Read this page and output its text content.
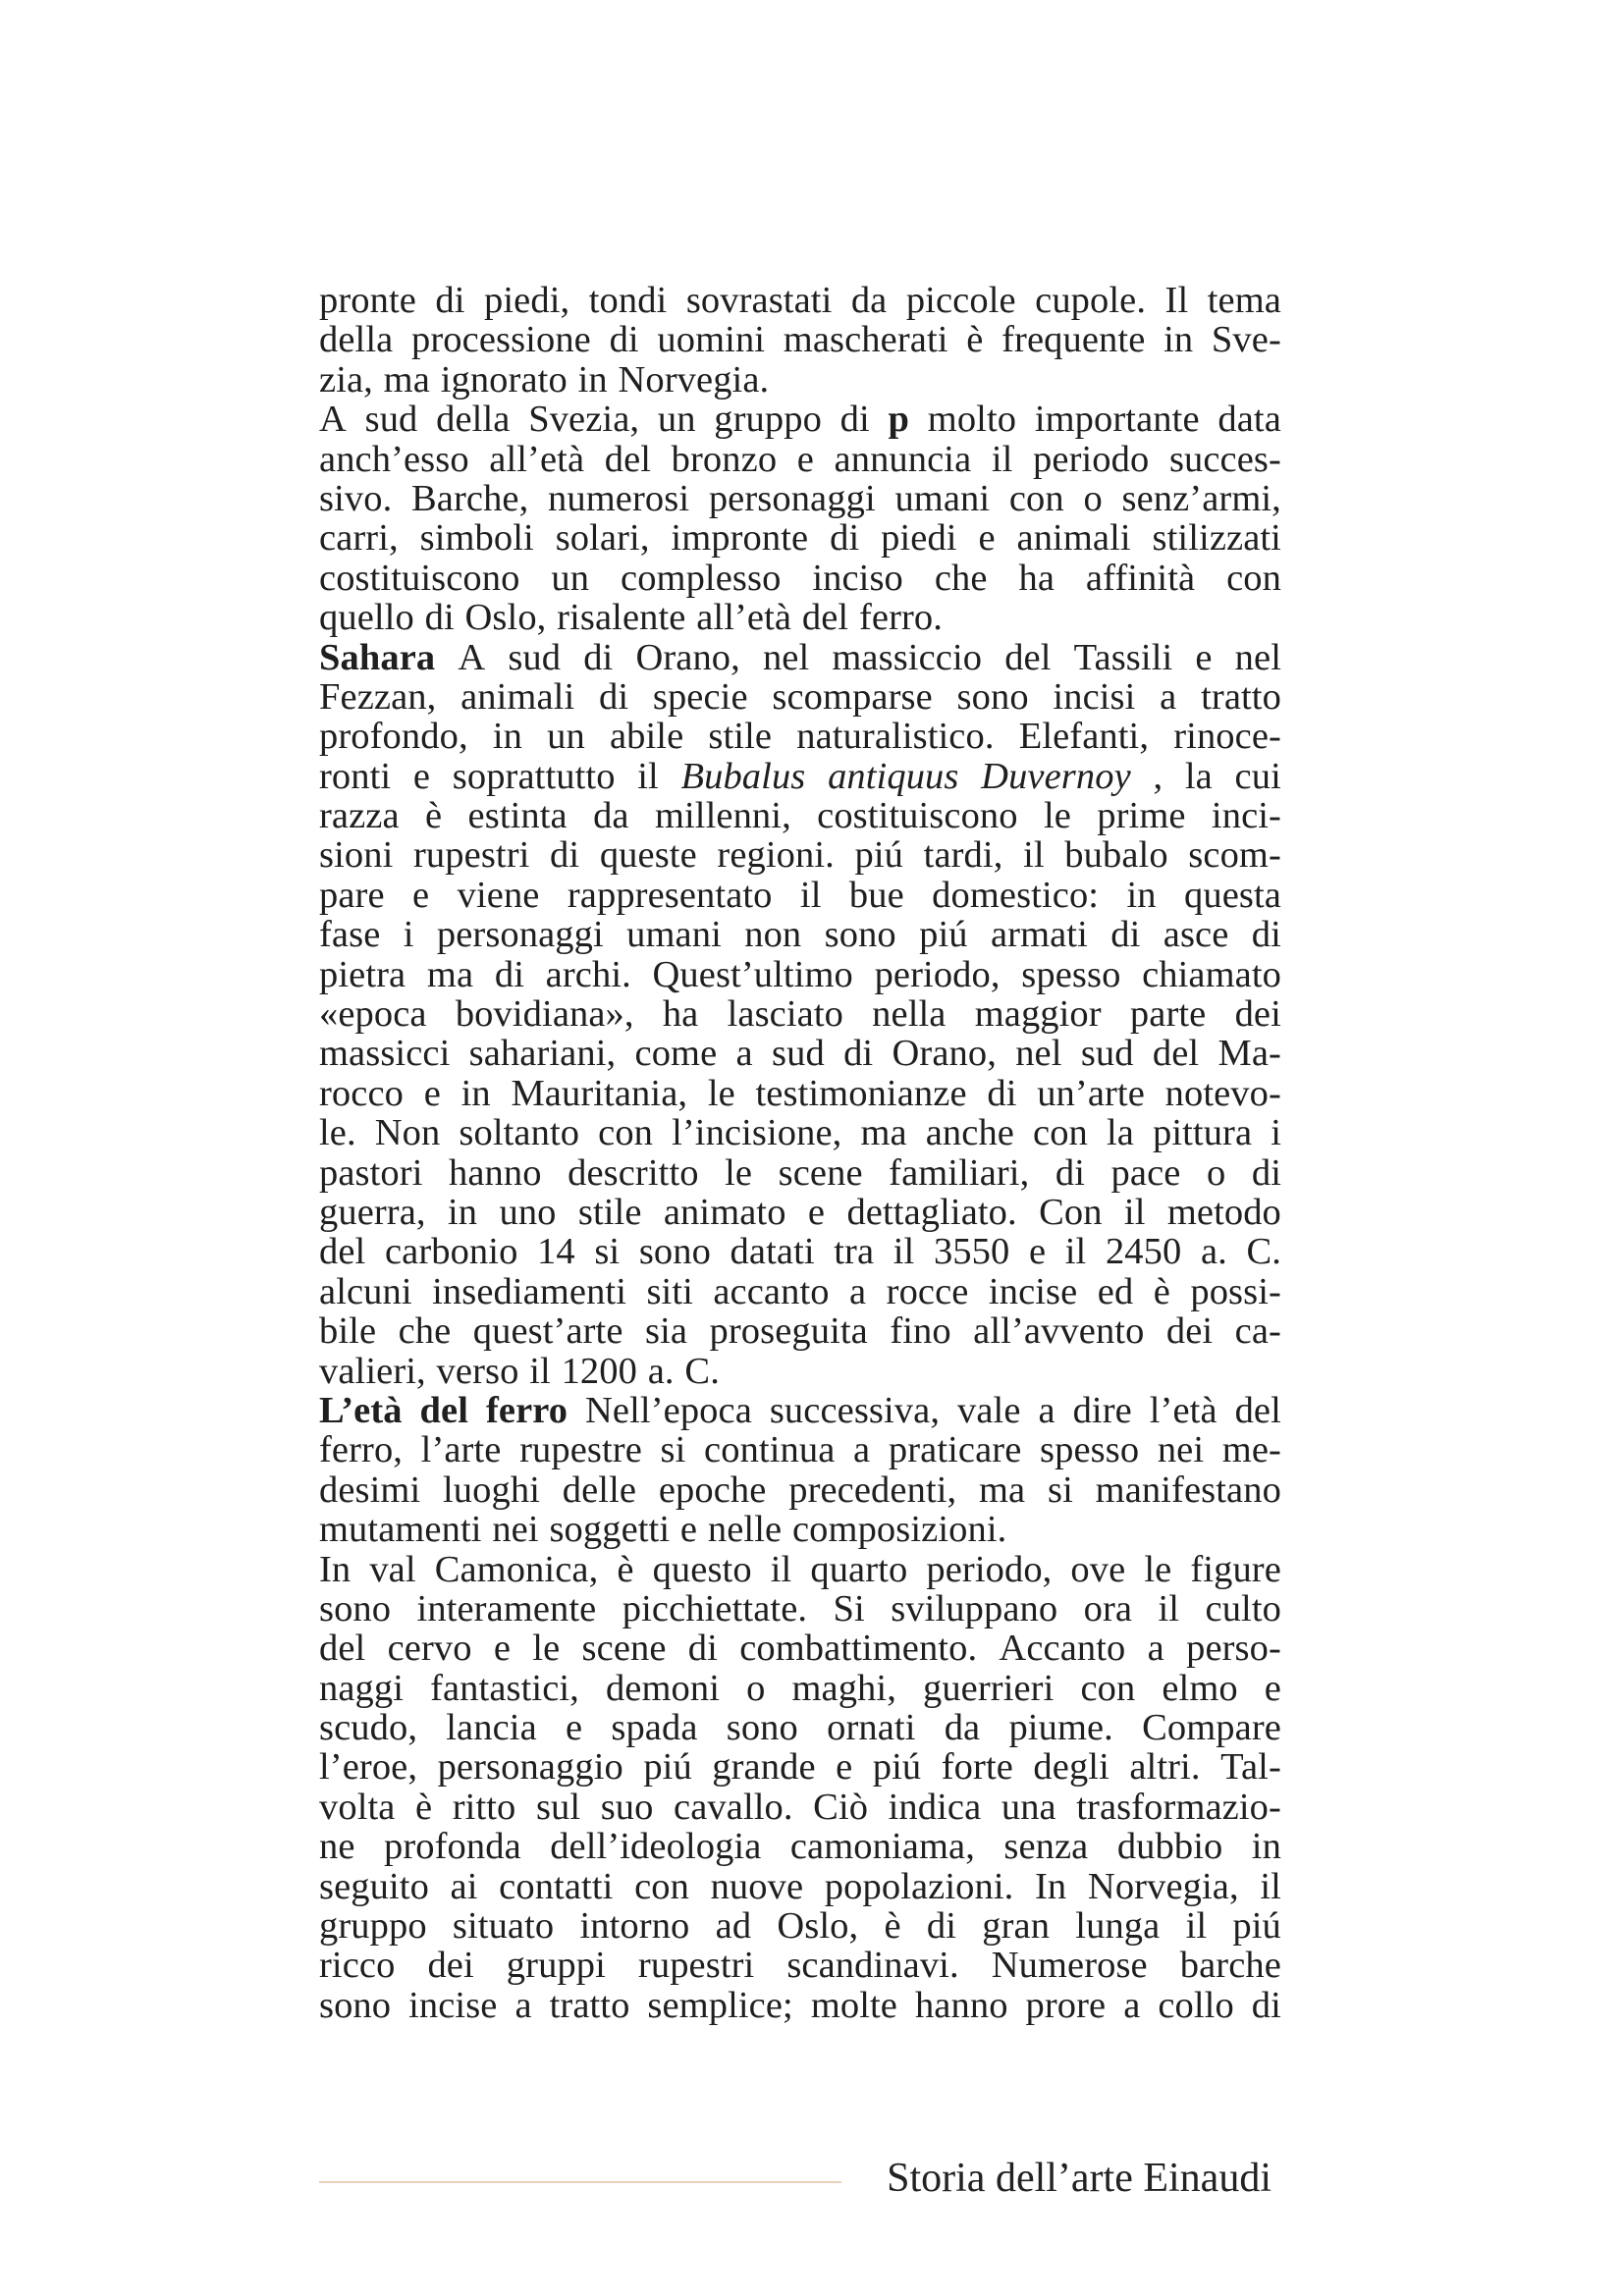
pronte di piedi, tondi sovrastati da piccole cupole. Il tema
della processione di uomini mascherati è frequente in Sve-
zia, ma ignorato in Norvegia.
A sud della Svezia, un gruppo di p molto importante data
anch’esso all’età del bronzo e annuncia il periodo succes-
sivo. Barche, numerosi personaggi umani con o senz’armi,
carri, simboli solari, impronte di piedi e animali stilizzati
costituiscono un complesso inciso che ha affinità con
quello di Oslo, risalente all’età del ferro.
Sahara A sud di Orano, nel massiccio del Tassili e nel
Fezzan, animali di specie scomparse sono incisi a tratto
profondo, in un abile stile naturalistico. Elefanti, rinoce-
ronti e soprattutto il Bubalus antiquus Duvernoy , la cui
razza è estinta da millenni, costituiscono le prime inci-
sioni rupestri di queste regioni. piú tardi, il bubalo scom-
pare e viene rappresentato il bue domestico: in questa
fase i personaggi umani non sono piú armati di asce di
pietra ma di archi. Quest’ultimo periodo, spesso chiamato
«epoca bovidiana», ha lasciato nella maggior parte dei
massicci sahariani, come a sud di Orano, nel sud del Ma-
rocco e in Mauritania, le testimonianze di un’arte notevo-
le. Non soltanto con l’incisione, ma anche con la pittura i
pastori hanno descritto le scene familiari, di pace o di
guerra, in uno stile animato e dettagliato. Con il metodo
del carbonio 14 si sono datati tra il 3550 e il 2450 a. C.
alcuni insediamenti siti accanto a rocce incise ed è possi-
bile che quest’arte sia proseguita fino all’avvento dei ca-
valieri, verso il 1200 a. C.
L’età del ferro Nell’epoca successiva, vale a dire l’età del
ferro, l’arte rupestre si continua a praticare spesso nei me-
desimi luoghi delle epoche precedenti, ma si manifestano
mutamenti nei soggetti e nelle composizioni.
In val Camonica, è questo il quarto periodo, ove le figure
sono interamente picchiettate. Si sviluppano ora il culto
del cervo e le scene di combattimento. Accanto a perso-
naggi fantastici, demoni o maghi, guerrieri con elmo e
scudo, lancia e spada sono ornati da piume. Compare
l’eroe, personaggio piú grande e piú forte degli altri. Tal-
volta è ritto sul suo cavallo. Ciò indica una trasformazio-
ne profonda dell’ideologia camoniama, senza dubbio in
seguito ai contatti con nuove popolazioni. In Norvegia, il
gruppo situato intorno ad Oslo, è di gran lunga il piú
ricco dei gruppi rupestri scandinavi. Numerose barche
sono incise a tratto semplice; molte hanno prore a collo di
Storia dell’arte Einaudi
